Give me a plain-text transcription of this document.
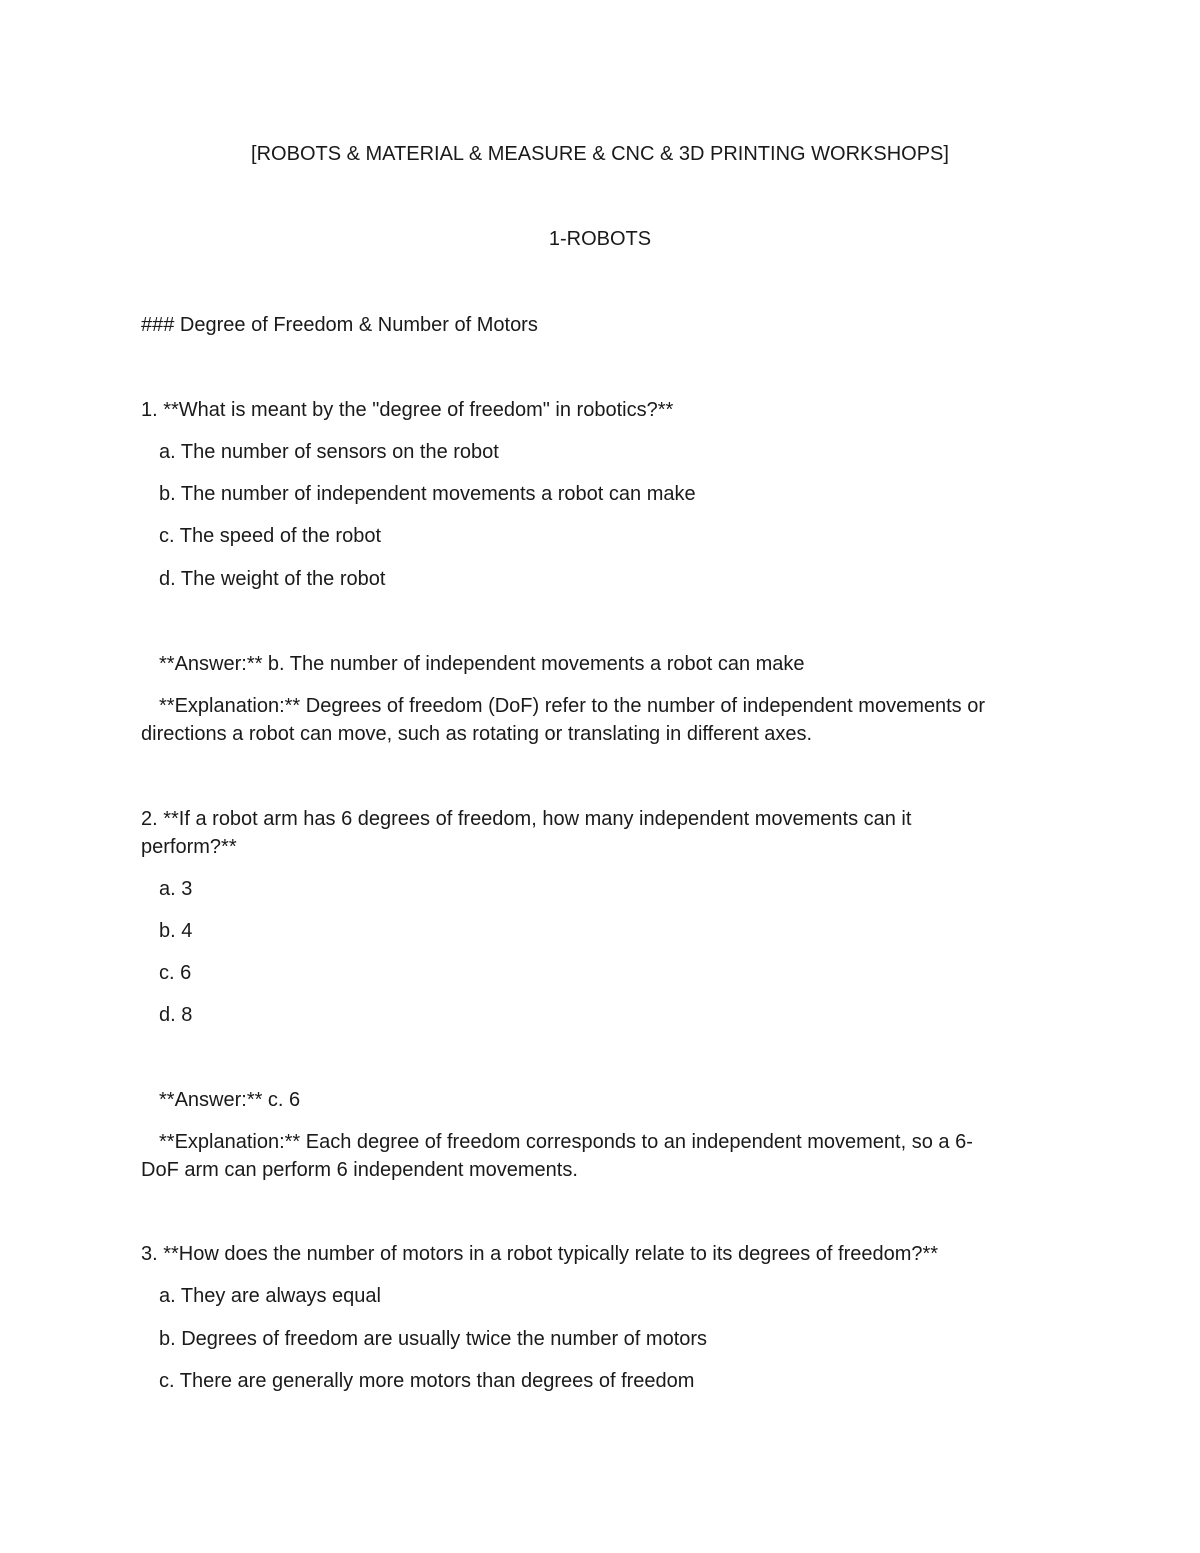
[ROBOTS & MATERIAL & MEASURE & CNC & 3D PRINTING WORKSHOPS]
1-ROBOTS
### Degree of Freedom & Number of Motors
1. **What is meant by the "degree of freedom" in robotics?**
a. The number of sensors on the robot
b. The number of independent movements a robot can make
c. The speed of the robot
d. The weight of the robot
**Answer:** b. The number of independent movements a robot can make
**Explanation:** Degrees of freedom (DoF) refer to the number of independent movements or
directions a robot can move, such as rotating or translating in different axes.
2. **If a robot arm has 6 degrees of freedom, how many independent movements can it
perform?**
a. 3
b. 4
c. 6
d. 8
**Answer:** c. 6
**Explanation:** Each degree of freedom corresponds to an independent movement, so a 6-
DoF arm can perform 6 independent movements.
3. **How does the number of motors in a robot typically relate to its degrees of freedom?**
a. They are always equal
b. Degrees of freedom are usually twice the number of motors
c. There are generally more motors than degrees of freedom
